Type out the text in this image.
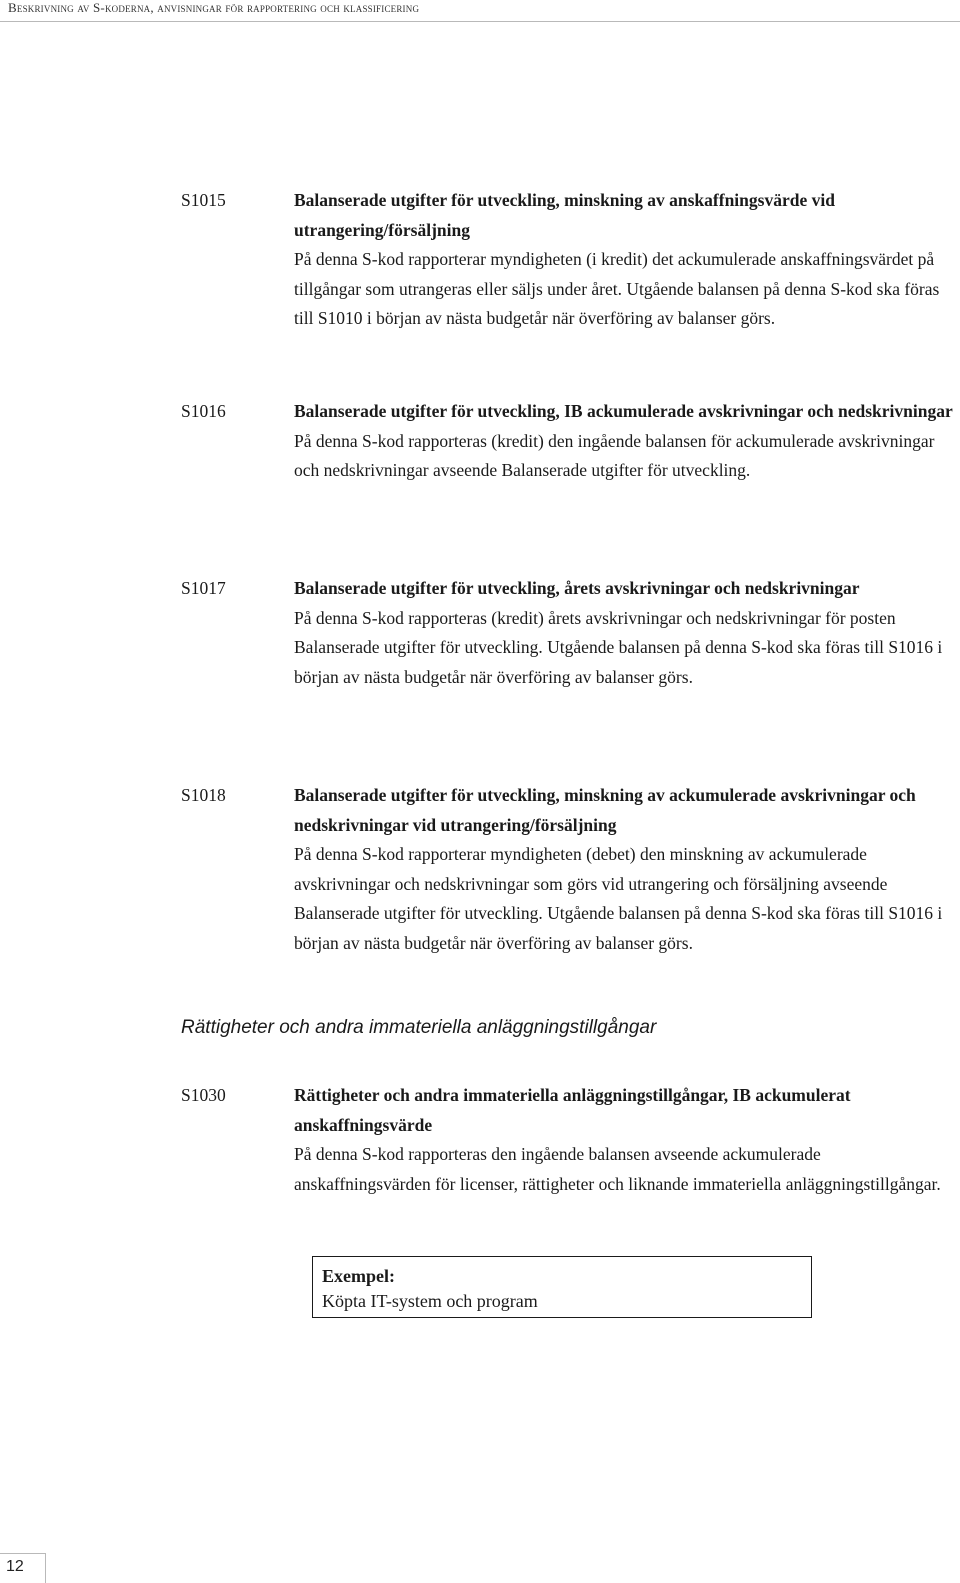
Beskrivning av S-koderna, anvisningar för rapportering och klassificering
S1015	Balanserade utgifter för utveckling, minskning av anskaffningsvärde vid utrangering/försäljning

På denna S-kod rapporterar myndigheten (i kredit) det ackumulerade anskaffningsvärdet på tillgångar som utrangeras eller säljs under året. Utgående balansen på denna S-kod ska föras till S1010 i början av nästa budgetår när överföring av balanser görs.

S1016	Balanserade utgifter för utveckling, IB ackumulerade avskrivningar och nedskrivningar

På denna S-kod rapporteras (kredit) den ingående balansen för ackumulerade avskrivningar och nedskrivningar avseende Balanserade utgifter för utveckling.

S1017	Balanserade utgifter för utveckling, årets avskrivningar och nedskrivningar

På denna S-kod rapporteras (kredit) årets avskrivningar och nedskrivningar för posten Balanserade utgifter för utveckling. Utgående balansen på denna S-kod ska föras till S1016 i början av nästa budgetår när överföring av balanser görs.

S1018	Balanserade utgifter för utveckling, minskning av ackumulerade avskrivningar och nedskrivningar vid utrangering/försäljning

På denna S-kod rapporterar myndigheten (debet) den minskning av ackumulerade avskrivningar och nedskrivningar som görs vid utrangering och försäljning avseende Balanserade utgifter för utveckling. Utgående balansen på denna S-kod ska föras till S1016 i början av nästa budgetår när överföring av balanser görs.

Rättigheter och andra immateriella anläggningstillgångar
S1030	Rättigheter och andra immateriella anläggningstillgångar, IB ackumulerat anskaffningsvärde

På denna S-kod rapporteras den ingående balansen avseende ackumulerade anskaffningsvärden för licenser, rättigheter och liknande immateriella anläggningstillgångar.

Exempel:
Köpta IT-system och program
12
